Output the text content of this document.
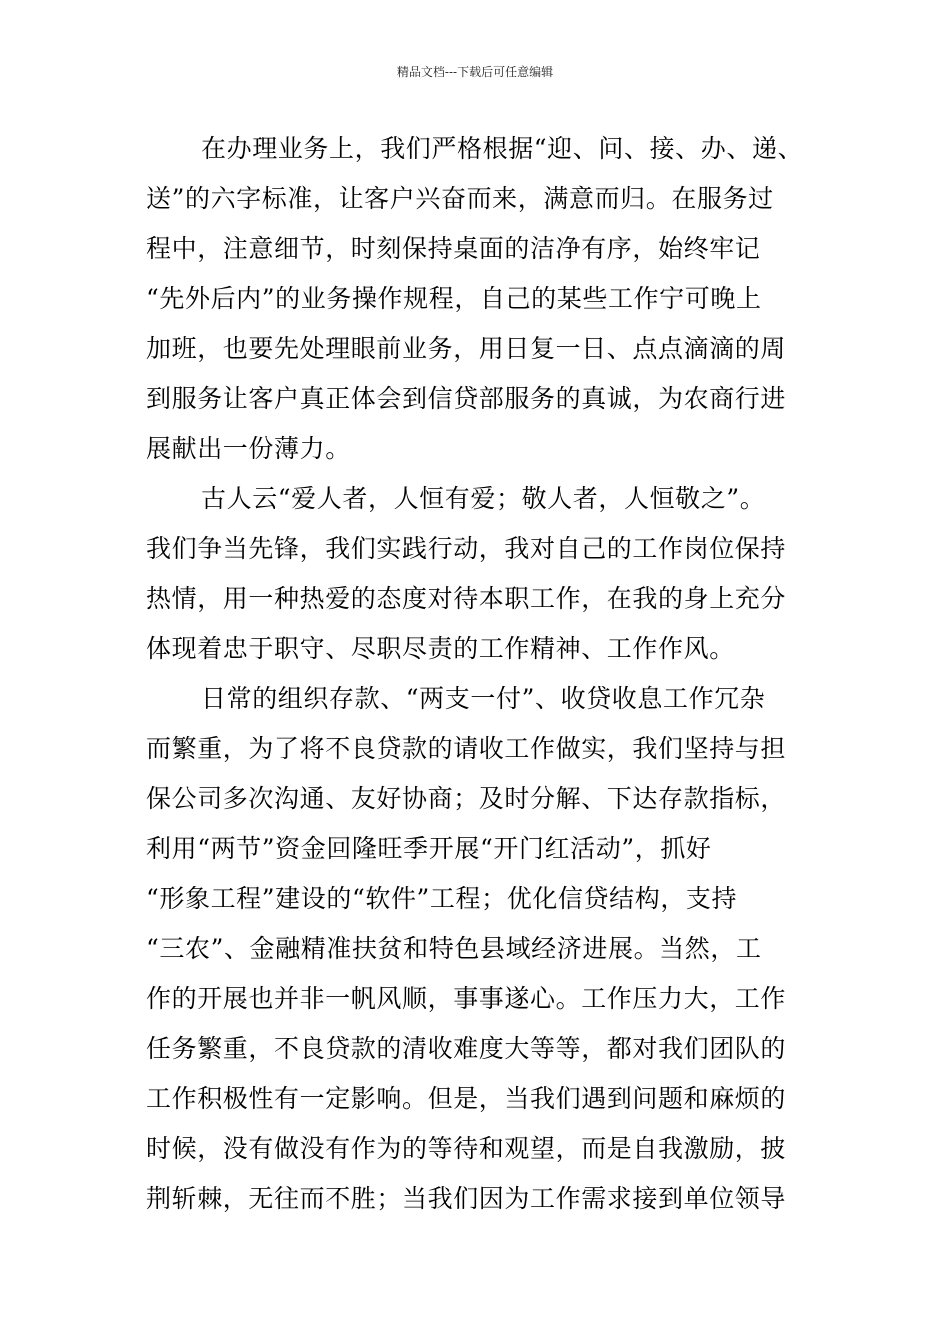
精品文档---下载后可任意编辑
在办理业务上，我们严格根据“迎、问、接、办、递、
送”的六字标准，让客户兴奋而来，满意而归。在服务过
程中，注意细节，时刻保持桌面的洁净有序，始终牢记
“先外后内”的业务操作规程，自己的某些工作宁可晚上
加班，也要先处理眼前业务，用日复一日、点点滴滴的周
到服务让客户真正体会到信贷部服务的真诚，为农商行进
展献出一份薄力。
古人云“爱人者，人恒有爱；敬人者，人恒敬之”。
我们争当先锋，我们实践行动，我对自己的工作岗位保持
热情，用一种热爱的态度对待本职工作，在我的身上充分
体现着忠于职守、尽职尽责的工作精神、工作作风。
日常的组织存款、“两支一付”、收贷收息工作冗杂
而繁重，为了将不良贷款的请收工作做实，我们坚持与担
保公司多次沟通、友好协商；及时分解、下达存款指标，
利用“两节”资金回隆旺季开展“开门红活动”，抓好
“形象工程”建设的“软件”工程；优化信贷结构，支持
“三农”、金融精准扶贫和特色县域经济进展。当然，工
作的开展也并非一帆风顺，事事遂心。工作压力大，工作
任务繁重，不良贷款的清收难度大等等，都对我们团队的
工作积极性有一定影响。但是，当我们遇到问题和麻烦的
时候，没有做没有作为的等待和观望，而是自我激励，披
荆斩棘，无往而不胜；当我们因为工作需求接到单位领导
